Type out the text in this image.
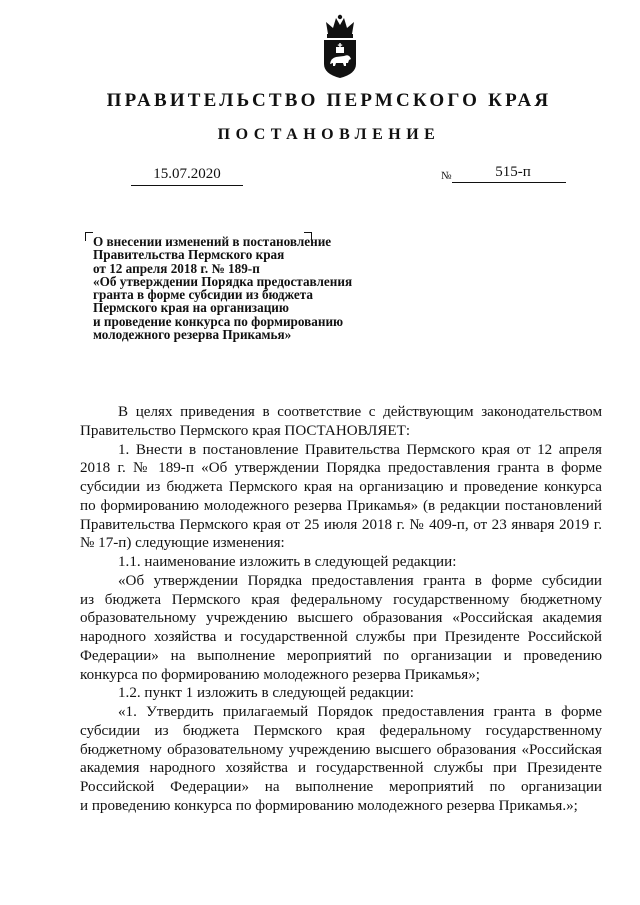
ПРАВИТЕЛЬСТВО ПЕРМСКОГО КРАЯ
ПОСТАНОВЛЕНИЕ
15.07.2020	№	515-п
О внесении изменений в постановление
Правительства Пермского края
от 12 апреля 2018 г. № 189-п
«Об утверждении Порядка предоставления
гранта в форме субсидии из бюджета
Пермского края на организацию
и проведение конкурса по формированию
молодежного резерва Прикамья»
В целях приведения в соответствие с действующим законодательством
Правительство Пермского края ПОСТАНОВЛЯЕТ:
1. Внести в постановление Правительства Пермского края от 12 апреля
2018 г. № 189-п «Об утверждении Порядка предоставления гранта в форме
субсидии из бюджета Пермского края на организацию и проведение конкурса
по формированию молодежного резерва Прикамья» (в редакции постановлений
Правительства Пермского края от 25 июля 2018 г. № 409-п, от 23 января 2019 г.
№ 17-п) следующие изменения:
1.1. наименование изложить в следующей редакции:
«Об утверждении Порядка предоставления гранта в форме субсидии
из бюджета Пермского края федеральному государственному бюджетному
образовательному учреждению высшего образования «Российская академия
народного хозяйства и государственной службы при Президенте Российской
Федерации» на выполнение мероприятий по организации и проведению
конкурса по формированию молодежного резерва Прикамья»;
1.2. пункт 1 изложить в следующей редакции:
«1. Утвердить прилагаемый Порядок предоставления гранта в форме
субсидии из бюджета Пермского края федеральному государственному
бюджетному образовательному учреждению высшего образования «Российская
академия народного хозяйства и государственной службы при Президенте
Российской Федерации» на выполнение мероприятий по организации
и проведению конкурса по формированию молодежного резерва Прикамья.»;
